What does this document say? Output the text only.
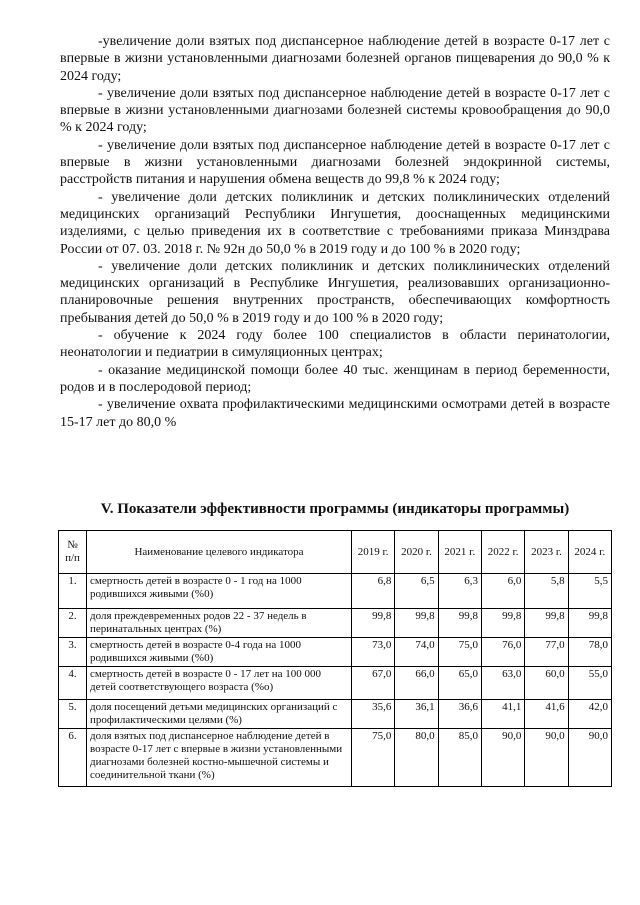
-увеличение доли взятых под диспансерное наблюдение детей в возрасте 0-17 лет с впервые в жизни установленными диагнозами болезней органов пищеварения до 90,0 % к 2024 году;

- увеличение доли взятых под диспансерное наблюдение детей в возрасте 0-17 лет с впервые в жизни установленными диагнозами болезней системы кровообращения до 90,0 % к 2024 году;

- увеличение доли взятых под диспансерное наблюдение детей в возрасте 0-17 лет с впервые в жизни установленными диагнозами болезней эндокринной системы, расстройств питания и нарушения обмена веществ до 99,8 % к 2024 году;

- увеличение доли детских поликлиник и детских поликлинических отделений медицинских организаций Республики Ингушетия, дооснащенных медицинскими изделиями, с целью приведения их в соответствие с требованиями приказа Минздрава России от 07. 03. 2018 г. № 92н до 50,0 % в 2019 году и до 100 % в 2020 году;

- увеличение доли детских поликлиник и детских поликлинических отделений медицинских организаций в Республике Ингушетия, реализовавших организационно-планировочные решения внутренних пространств, обеспечивающих комфортность пребывания детей до 50,0 % в 2019 году и до 100 % в 2020 году;

- обучение к 2024 году более 100 специалистов в области перинатологии, неонатологии и педиатрии в симуляционных центрах;

- оказание медицинской помощи более 40 тыс. женщинам в период беременности, родов и в послеродовой период;

- увеличение охвата профилактическими медицинскими осмотрами детей в возрасте 15-17 лет до 80,0 %

V. Показатели эффективности программы (индикаторы программы)
№ п/п	Наименование целевого индикатора	2019 г.	2020 г.	2021 г.	2022 г.	2023 г.	2024 г.
1.	смертность детей в возрасте 0 - 1 год на 1000 родившихся живыми (%0)	6,8	6,5	6,3	6,0	5,8	5,5
2.	доля преждевременных родов 22 - 37 недель в перинатальных центрах (%)	99,8	99,8	99,8	99,8	99,8	99,8
3.	смертность детей в возрасте 0-4 года на 1000 родившихся живыми (%0)	73,0	74,0	75,0	76,0	77,0	78,0
4.	смертность детей в возрасте 0 - 17 лет на 100 000 детей соответствующего возраста (%o)	67,0	66,0	65,0	63,0	60,0	55,0
5.	доля посещений детьми медицинских организаций с профилактическими целями (%)	35,6	36,1	36,6	41,1	41,6	42,0
6.	доля взятых под диспансерное наблюдение детей в возрасте 0-17 лет с впервые в жизни установленными диагнозами болезней костно-мышечной системы и соединительной ткани (%)	75,0	80,0	85,0	90,0	90,0	90,0
